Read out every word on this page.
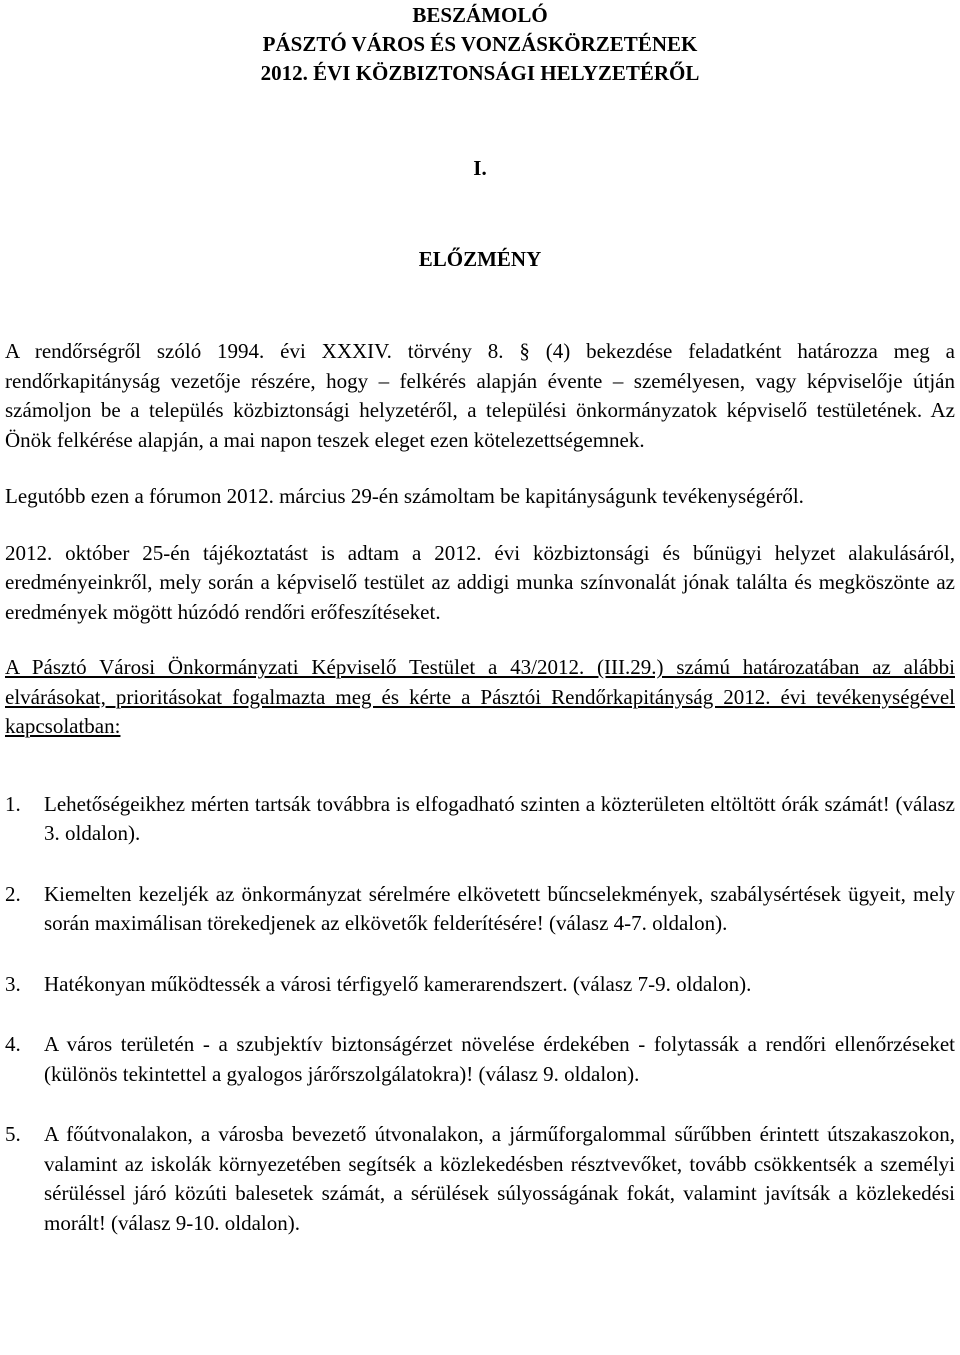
BESZÁMOLÓ
PÁSZTÓ VÁROS ÉS VONZÁSKÖRZETÉNEK
2012. ÉVI KÖZBIZTONSÁGI HELYZETÉRŐL
I.
ELŐZMÉNY

A rendőrségről szóló 1994. évi XXXIV. törvény 8. § (4) bekezdése feladatként határozza meg a rendőrkapitányság vezetője részére, hogy – felkérés alapján évente – személyesen, vagy képviselője útján számoljon be a település közbiztonsági helyzetéről, a települési önkormányzatok képviselő testületének. Az Önök felkérése alapján, a mai napon teszek eleget ezen kötelezettségemnek.

Legutóbb ezen a fórumon 2012. március 29-én számoltam be kapitányságunk tevékenységéről.

2012. október 25-én tájékoztatást is adtam a 2012. évi közbiztonsági és bűnügyi helyzet alakulásáról, eredményeinkről, mely során a képviselő testület az addigi munka színvonalát jónak találta és megköszönte az eredmények mögött húzódó rendőri erőfeszítéseket.

A Pásztó Városi Önkormányzati Képviselő Testület a 43/2012. (III.29.) számú határozatában az alábbi elvárásokat, prioritásokat fogalmazta meg és kérte a Pásztói Rendőrkapitányság 2012. évi tevékenységével kapcsolatban:

1.	Lehetőségeikhez mérten tartsák továbbra is elfogadható szinten a közterületen eltöltött órák számát! (válasz 3. oldalon).
2.	Kiemelten kezeljék az önkormányzat sérelmére elkövetett bűncselekmények, szabálysértések ügyeit, mely során maximálisan törekedjenek az elkövetők felderítésére! (válasz 4-7. oldalon).
3.	Hatékonyan működtessék a városi térfigyelő kamerarendszert. (válasz 7-9. oldalon).
4.	A város területén - a szubjektív biztonságérzet növelése érdekében - folytassák a rendőri ellenőrzéseket (különös tekintettel a gyalogos járőrszolgálatokra)! (válasz 9. oldalon).
5.	A főútvonalakon, a városba bevezető útvonalakon, a járműforgalommal sűrűbben érintett útszakaszokon, valamint az iskolák környezetében segítsék a közlekedésben résztvevőket, tovább csökkentsék a személyi sérüléssel járó közúti balesetek számát, a sérülések súlyosságának fokát, valamint javítsák a közlekedési morált! (válasz 9-10. oldalon).
